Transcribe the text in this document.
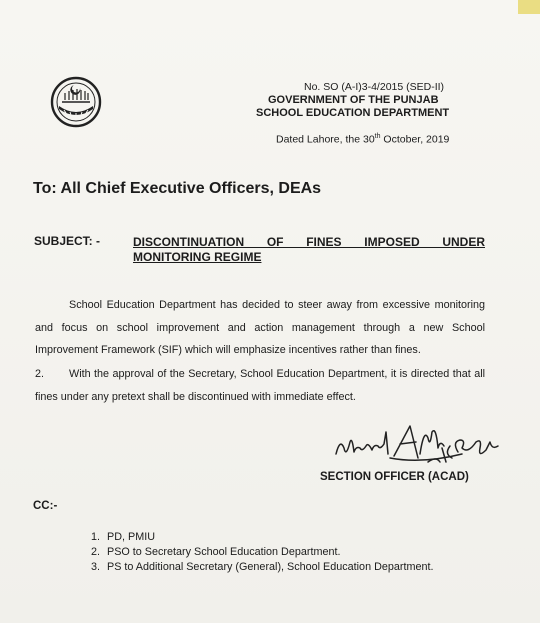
No. SO (A-I)3-4/2015 (SED-II)
GOVERNMENT OF THE PUNJAB
SCHOOL EDUCATION DEPARTMENT
Dated Lahore, the 30th October, 2019
To: All Chief Executive Officers, DEAs
SUBJECT: -	DISCONTINUATION OF FINES IMPOSED UNDER
MONITORING REGIME
School Education Department has decided to steer away from excessive monitoring and focus on school improvement and action management through a new School Improvement Framework (SIF) which will emphasize incentives rather than fines.
2. With the approval of the Secretary, School Education Department, it is directed that all fines under any pretext shall be discontinued with immediate effect.
SECTION OFFICER (ACAD)
CC:-
1. PD, PMIU
2. PSO to Secretary School Education Department.
3. PS to Additional Secretary (General), School Education Department.
